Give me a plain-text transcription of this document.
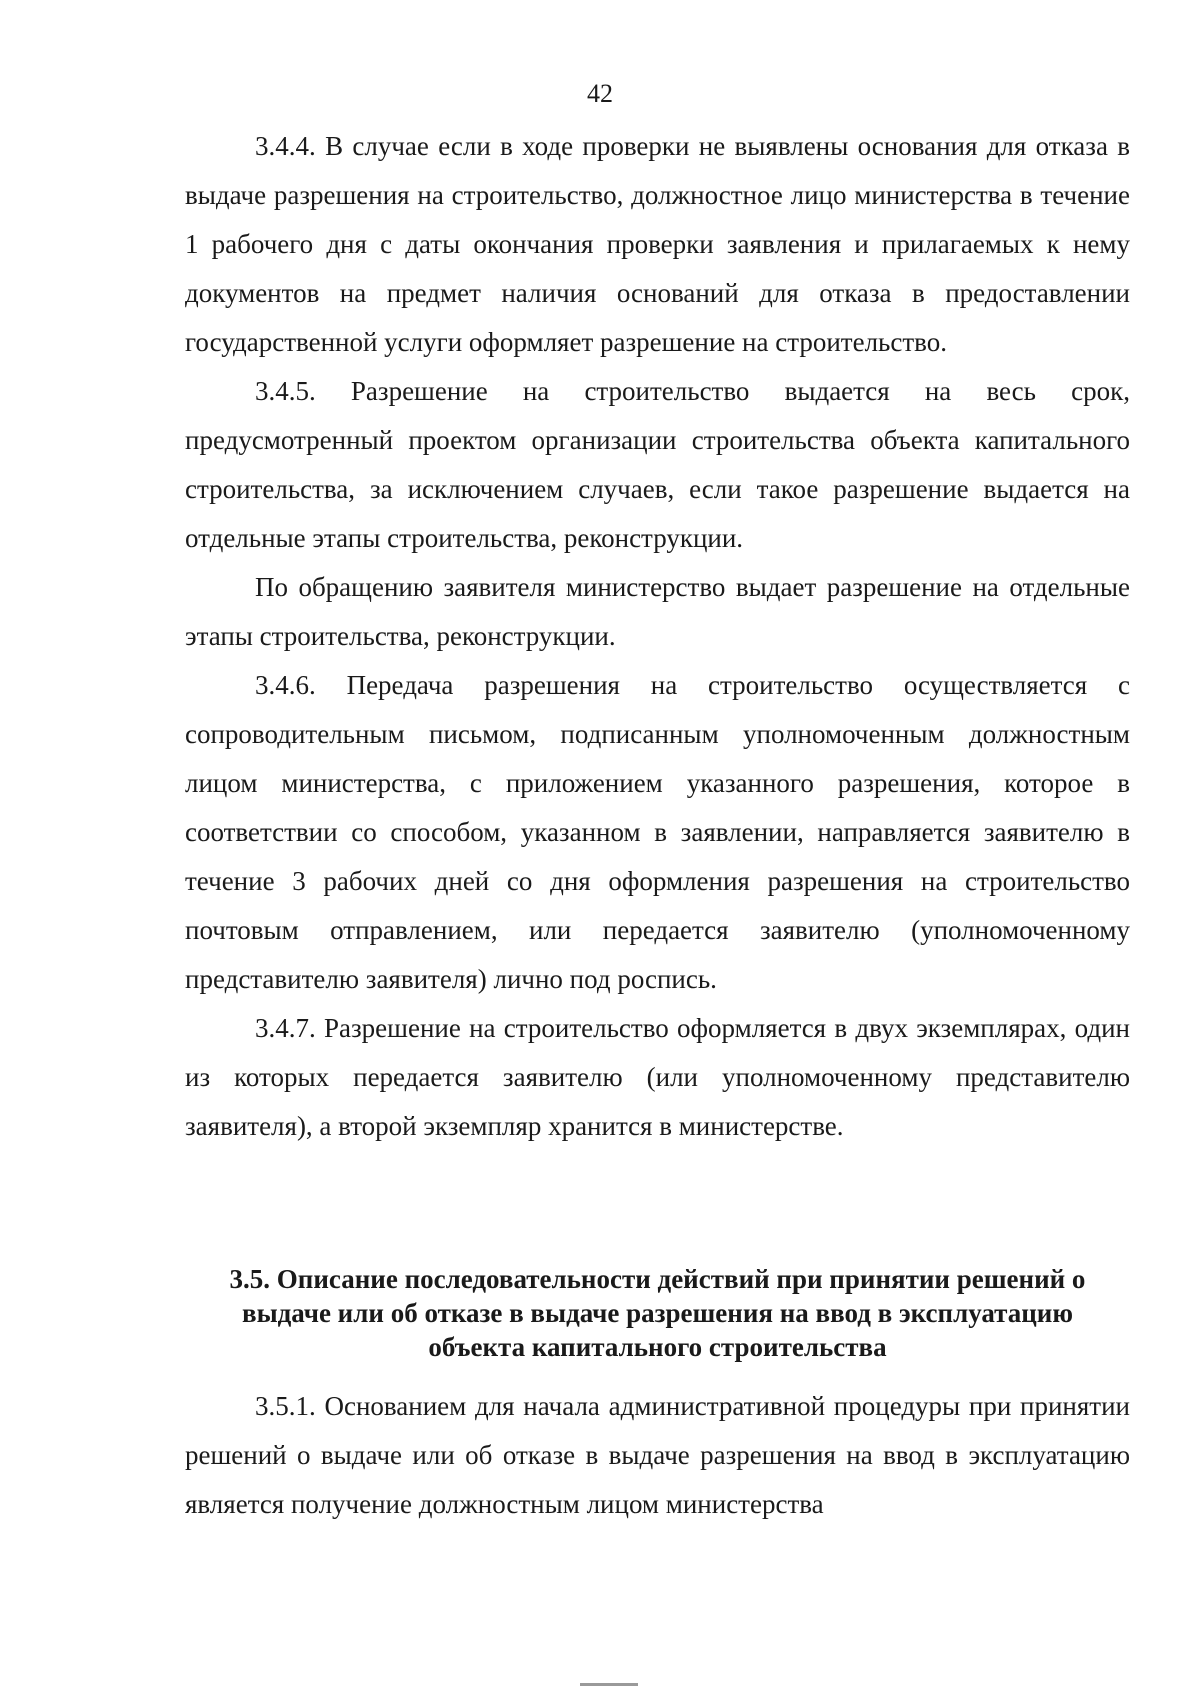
42

3.4.4. В случае если в ходе проверки не выявлены основания для отказа в выдаче разрешения на строительство, должностное лицо министерства в течение 1 рабочего дня с даты окончания проверки заявления и прилагаемых к нему документов на предмет наличия оснований для отказа в предоставлении государственной услуги оформляет разрешение на строительство.

3.4.5. Разрешение на строительство выдается на весь срок, предусмотренный проектом организации строительства объекта капитального строительства, за исключением случаев, если такое разрешение выдается на отдельные этапы строительства, реконструкции.

По обращению заявителя министерство выдает разрешение на отдельные этапы строительства, реконструкции.

3.4.6. Передача разрешения на строительство осуществляется с сопроводительным письмом, подписанным уполномоченным должностным лицом министерства, с приложением указанного разрешения, которое в соответствии со способом, указанном в заявлении, направляется заявителю в течение 3 рабочих дней со дня оформления разрешения на строительство почтовым отправлением, или передается заявителю (уполномоченному представителю заявителя) лично под роспись.

3.4.7. Разрешение на строительство оформляется в двух экземплярах, один из которых передается заявителю (или уполномоченному представителю заявителя), а второй экземпляр хранится в министерстве.

3.5. Описание последовательности действий при принятии решений о
выдаче или об отказе в выдаче разрешения на ввод в эксплуатацию
объекта капитального строительства

3.5.1. Основанием для начала административной процедуры при принятии решений о выдаче или об отказе в выдаче разрешения на ввод в эксплуатацию является получение должностным лицом министерства
